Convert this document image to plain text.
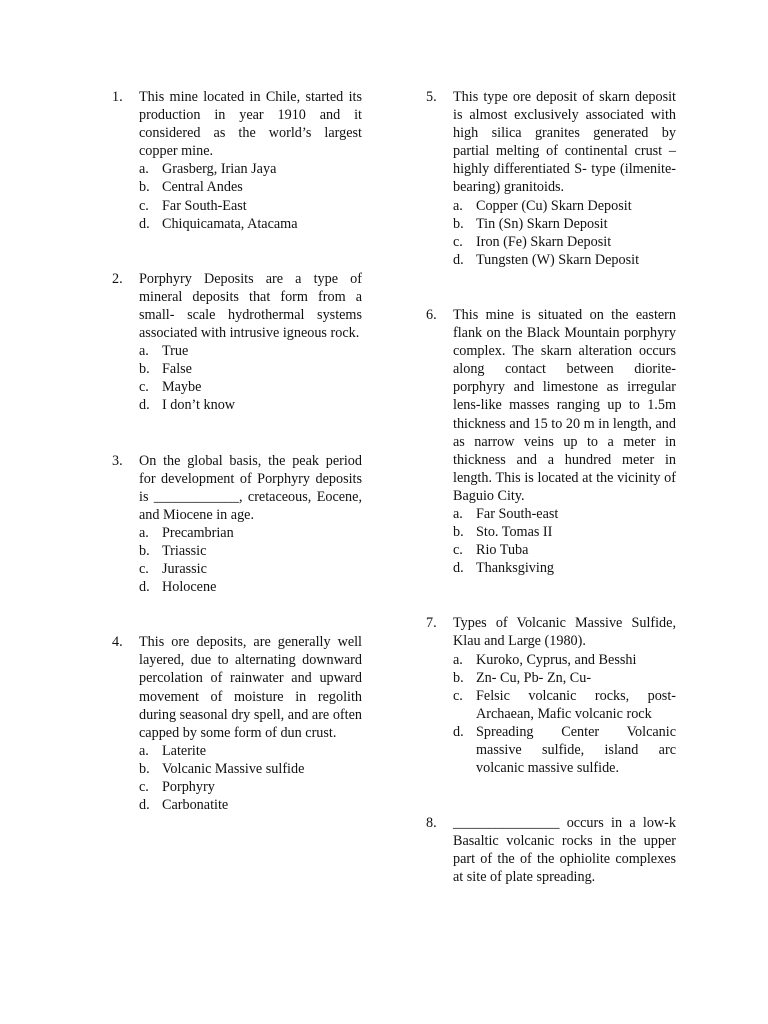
1. This mine located in Chile, started its production in year 1910 and it considered as the world’s largest copper mine.
a. Grasberg, Irian Jaya
b. Central Andes
c. Far South-East
d. Chiquicamata, Atacama
2. Porphyry Deposits are a type of mineral deposits that form from a small- scale hydrothermal systems associated with intrusive igneous rock.
a. True
b. False
c. Maybe
d. I don’t know
3. On the global basis, the peak period for development of Porphyry deposits is ____________, cretaceous, Eocene, and Miocene in age.
a. Precambrian
b. Triassic
c. Jurassic
d. Holocene
4. This ore deposits, are generally well layered, due to alternating downward percolation of rainwater and upward movement of moisture in regolith during seasonal dry spell, and are often capped by some form of dun crust.
a. Laterite
b. Volcanic Massive sulfide
c. Porphyry
d. Carbonatite
5. This type ore deposit of skarn deposit is almost exclusively associated with high silica granites generated by partial melting of continental crust – highly differentiated S- type (ilmenite-bearing) granitoids.
a. Copper (Cu) Skarn Deposit
b. Tin (Sn) Skarn Deposit
c. Iron (Fe) Skarn Deposit
d. Tungsten (W) Skarn Deposit
6. This mine is situated on the eastern flank on the Black Mountain porphyry complex. The skarn alteration occurs along contact between diorite- porphyry and limestone as irregular lens-like masses ranging up to 1.5m thickness and 15 to 20 m in length, and as narrow veins up to a meter in thickness and a hundred meter in length. This is located at the vicinity of Baguio City.
a. Far South-east
b. Sto. Tomas II
c. Rio Tuba
d. Thanksgiving
7. Types of Volcanic Massive Sulfide, Klau and Large (1980).
a. Kuroko, Cyprus, and Besshi
b. Zn- Cu, Pb- Zn, Cu-
c. Felsic volcanic rocks, post-Archaean, Mafic volcanic rock
d. Spreading Center Volcanic massive sulfide, island arc volcanic massive sulfide.
8. _______________ occurs in a low-k Basaltic volcanic rocks in the upper part of the of the ophiolite complexes at site of plate spreading.
